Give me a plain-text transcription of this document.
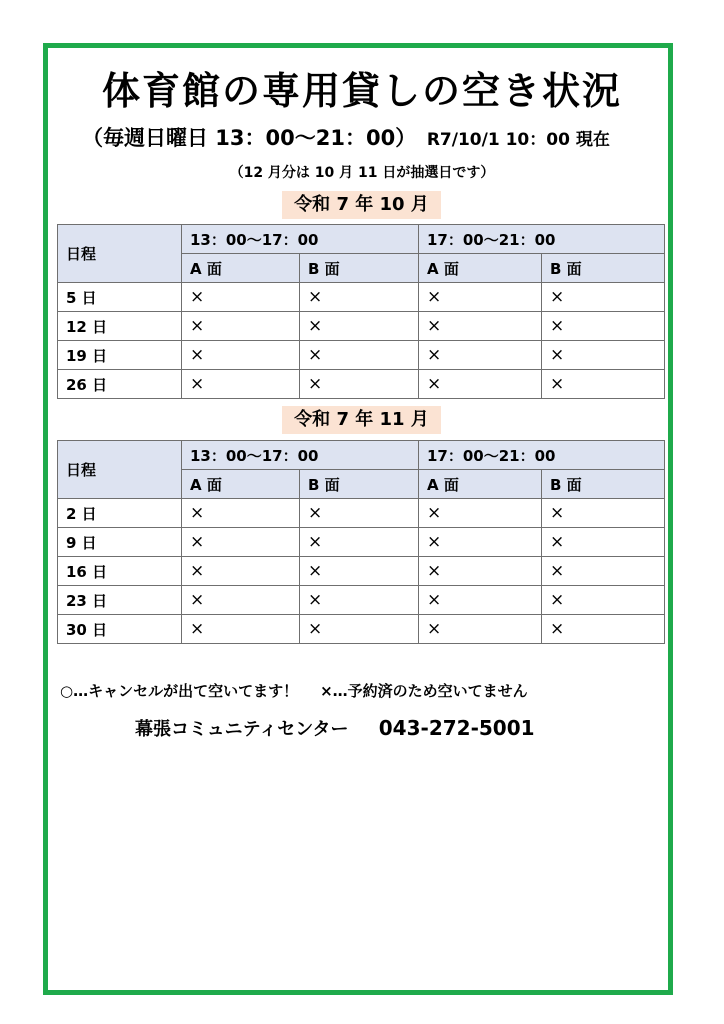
体育館の専用貸しの空き状況
（毎週日曜日 13：00～21：00） R7/10/1 10：00 現在
（12 月分は 10 月 11 日が抽選日です）
令和 7 年 10 月
日程	13：00～17：00		17：00～21：00	
	A 面	B 面	A 面	B 面
5 日	×	×	×	×
12 日	×	×	×	×
19 日	×	×	×	×
26 日	×	×	×	×
令和 7 年 11 月
日程	13：00～17：00		17：00～21：00	
	A 面	B 面	A 面	B 面
2 日	×	×	×	×
9 日	×	×	×	×
16 日	×	×	×	×
23 日	×	×	×	×
30 日	×	×	×	×
○…キャンセルが出て空いてます！ ×…予約済のため空いてません
幕張コミュニティセンター 043-272-5001
